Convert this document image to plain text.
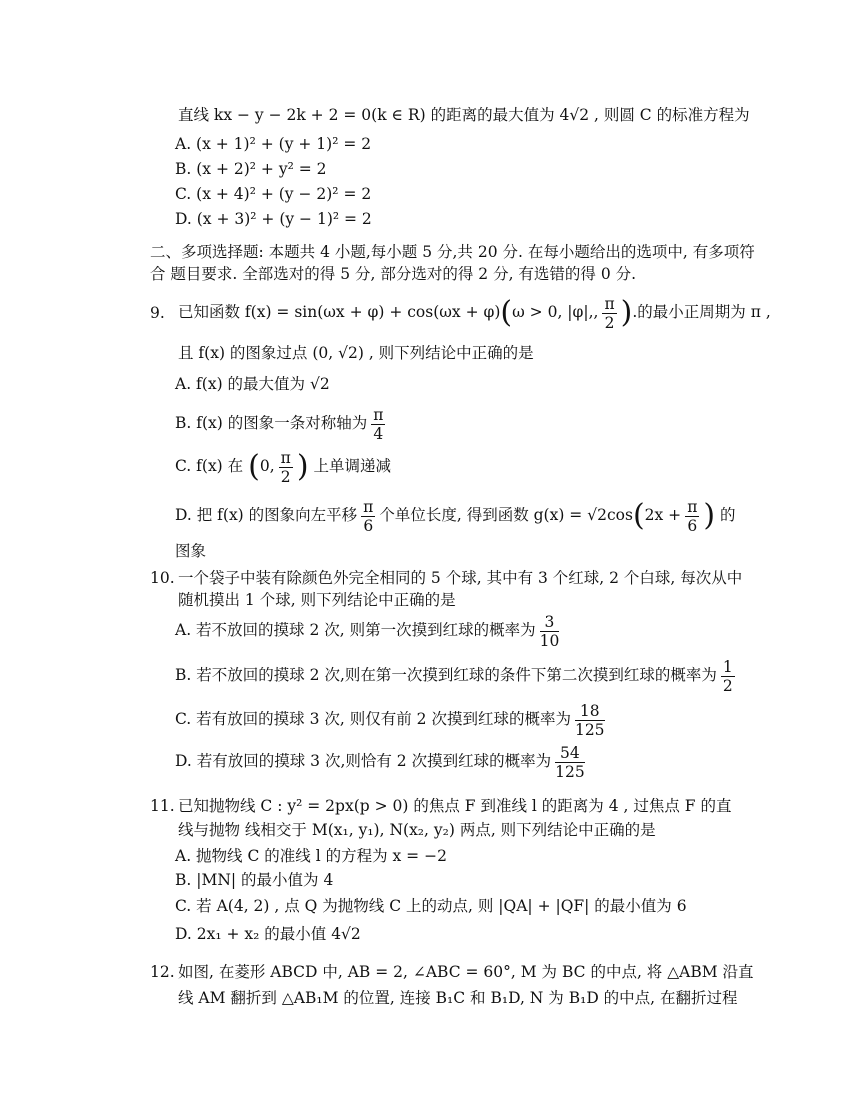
直线 kx − y − 2k + 2 = 0(k ∈ R) 的距离的最大值为 4√2 , 则圆 C 的标准方程为
A. (x + 1)² + (y + 1)² = 2
B. (x + 2)² + y² = 2
C. (x + 4)² + (y − 2)² = 2
D. (x + 3)² + (y − 1)² = 2
二、多项选择题: 本题共 4 小题,每小题 5 分,共 20 分. 在每小题给出的选项中, 有多项符
合 题目要求. 全部选对的得 5 分, 部分选对的得 2 分, 有选错的得 0 分.
9. 已知函数 f(x) = sin(ωx + φ) + cos(ωx + φ)(ω > 0, |φ|,, $\frac{\pi}{2}$ ).的最小正周期为 π ,
且 f(x) 的图象过点 (0, √2) , 则下列结论中正确的是
A. f(x) 的最大值为 √2
B. f(x) 的图象一条对称轴为 $\frac{\pi}{4}$
C. f(x) 在 (0, $\frac{\pi}{2}$ ) 上单调递减
D. 把 f(x) 的图象向左平移 $\frac{\pi}{6}$ 个单位长度, 得到函数 $g(x) = √2\cos(2x + \frac{\pi}{6}$ ) 的
图象
10. 一个袋子中装有除颜色外完全相同的 5 个球, 其中有 3 个红球, 2 个白球, 每次从中
随机摸出 1 个球, 则下列结论中正确的是
A. 若不放回的摸球 2 次, 则第一次摸到红球的概率为 $\frac{3}{10}$
B. 若不放回的摸球 2 次,则在第一次摸到红球的条件下第二次摸到红球的概率为 $\frac{1}{2}$
C. 若有放回的摸球 3 次, 则仅有前 2 次摸到红球的概率为 $\frac{18}{125}$
D. 若有放回的摸球 3 次,则恰有 2 次摸到红球的概率为 $\frac{54}{125}$
11. 已知抛物线 C : y² = 2px(p > 0) 的焦点 F 到准线 l 的距离为 4 , 过焦点 F 的直
线与抛物 线相交于 M(x₁, y₁), N(x₂, y₂) 两点, 则下列结论中正确的是
A. 抛物线 C 的准线 l 的方程为 x = −2
B. |MN| 的最小值为 4
C. 若 A(4, 2) , 点 Q 为抛物线 C 上的动点, 则 |QA| + |QF| 的最小值为 6
D. 2x₁ + x₂ 的最小值 4√2
12. 如图, 在菱形 ABCD 中, AB = 2, ∠ABC = 60°, M 为 BC 的中点, 将 △ABM 沿直
线 AM 翻折到 △AB₁M 的位置, 连接 B₁C 和 B₁D, N 为 B₁D 的中点, 在翻折过程
